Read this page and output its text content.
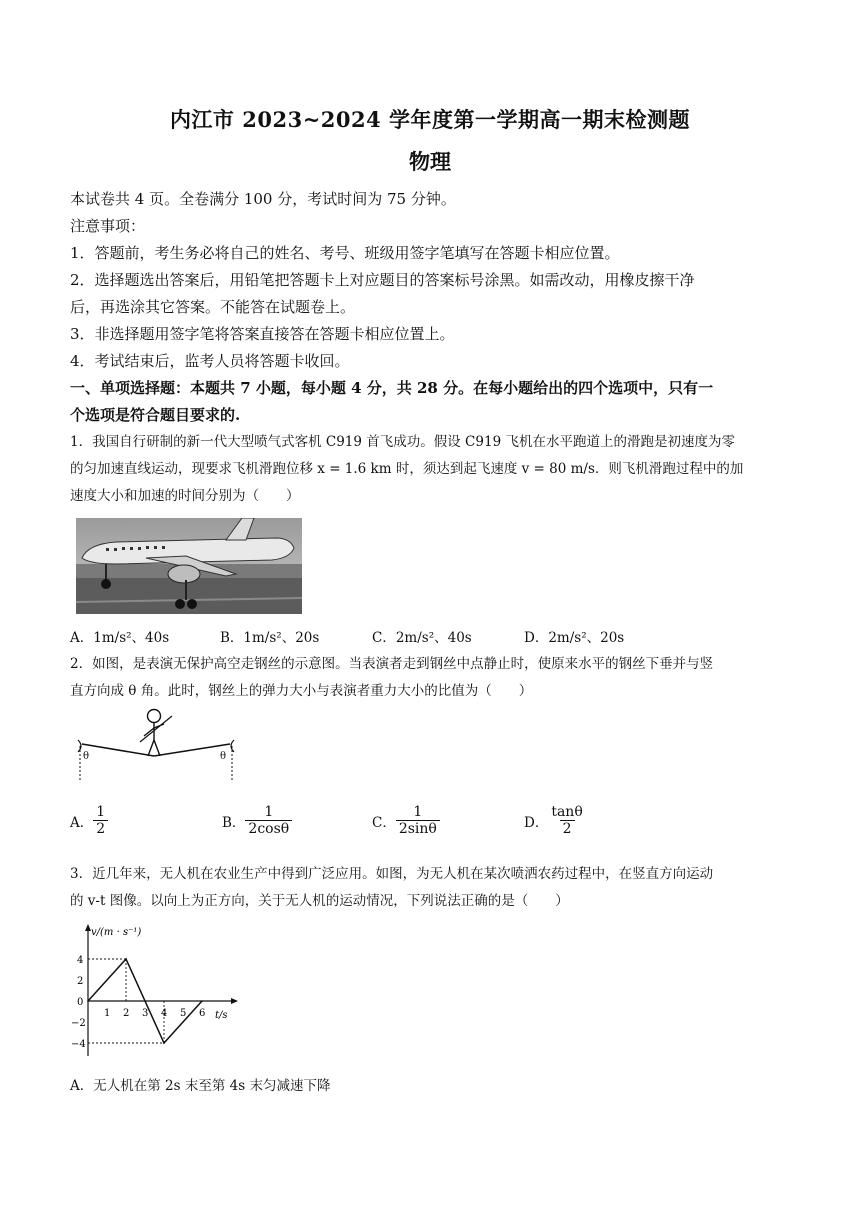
内江市 2023~2024 学年度第一学期高一期末检测题
物理
本试卷共 4 页。全卷满分 100 分，考试时间为 75 分钟。
注意事项：
1．答题前，考生务必将自己的姓名、考号、班级用签字笔填写在答题卡相应位置。
2．选择题选出答案后，用铅笔把答题卡上对应题目的答案标号涂黑。如需改动，用橡皮擦干净
后，再选涂其它答案。不能答在试题卷上。
3．非选择题用签字笔将答案直接答在答题卡相应位置上。
4．考试结束后，监考人员将答题卡收回。
一、单项选择题：本题共 7 小题，每小题 4 分，共 28 分。在每小题给出的四个选项中，只有一
个选项是符合题目要求的.
1．我国自行研制的新一代大型喷气式客机 C919 首飞成功。假设 C919 飞机在水平跑道上的滑跑是初速度为零
的匀加速直线运动，现要求飞机滑跑位移 x = 1.6 km 时，须达到起飞速度 v = 80 m/s．则飞机滑跑过程中的加
速度大小和加速的时间分别为（　　）
A．1m/s²、40s	B．1m/s²、20s	C．2m/s²、40s	D．2m/s²、20s
2．如图，是表演无保护高空走钢丝的示意图。当表演者走到钢丝中点静止时，使原来水平的钢丝下垂并与竖
直方向成 θ 角。此时，钢丝上的弹力大小与表演者重力大小的比值为（　　）
θ	θ
A． $\frac{1}{2}$	B． $\frac{1}{2\cos\theta}$	C． $\frac{1}{2\sin\theta}$	D． $\frac{\tan\theta}{2}$
3．近几年来，无人机在农业生产中得到广泛应用。如图，为无人机在某次喷洒农药过程中，在竖直方向运动
的 v-t 图像。以向上为正方向，关于无人机的运动情况，下列说法正确的是（　　）
v/(m · s⁻¹)
t/s
1 2 3 4 5 6
4
2
0
−2
−4
A．无人机在第 2s 末至第 4s 末匀减速下降
